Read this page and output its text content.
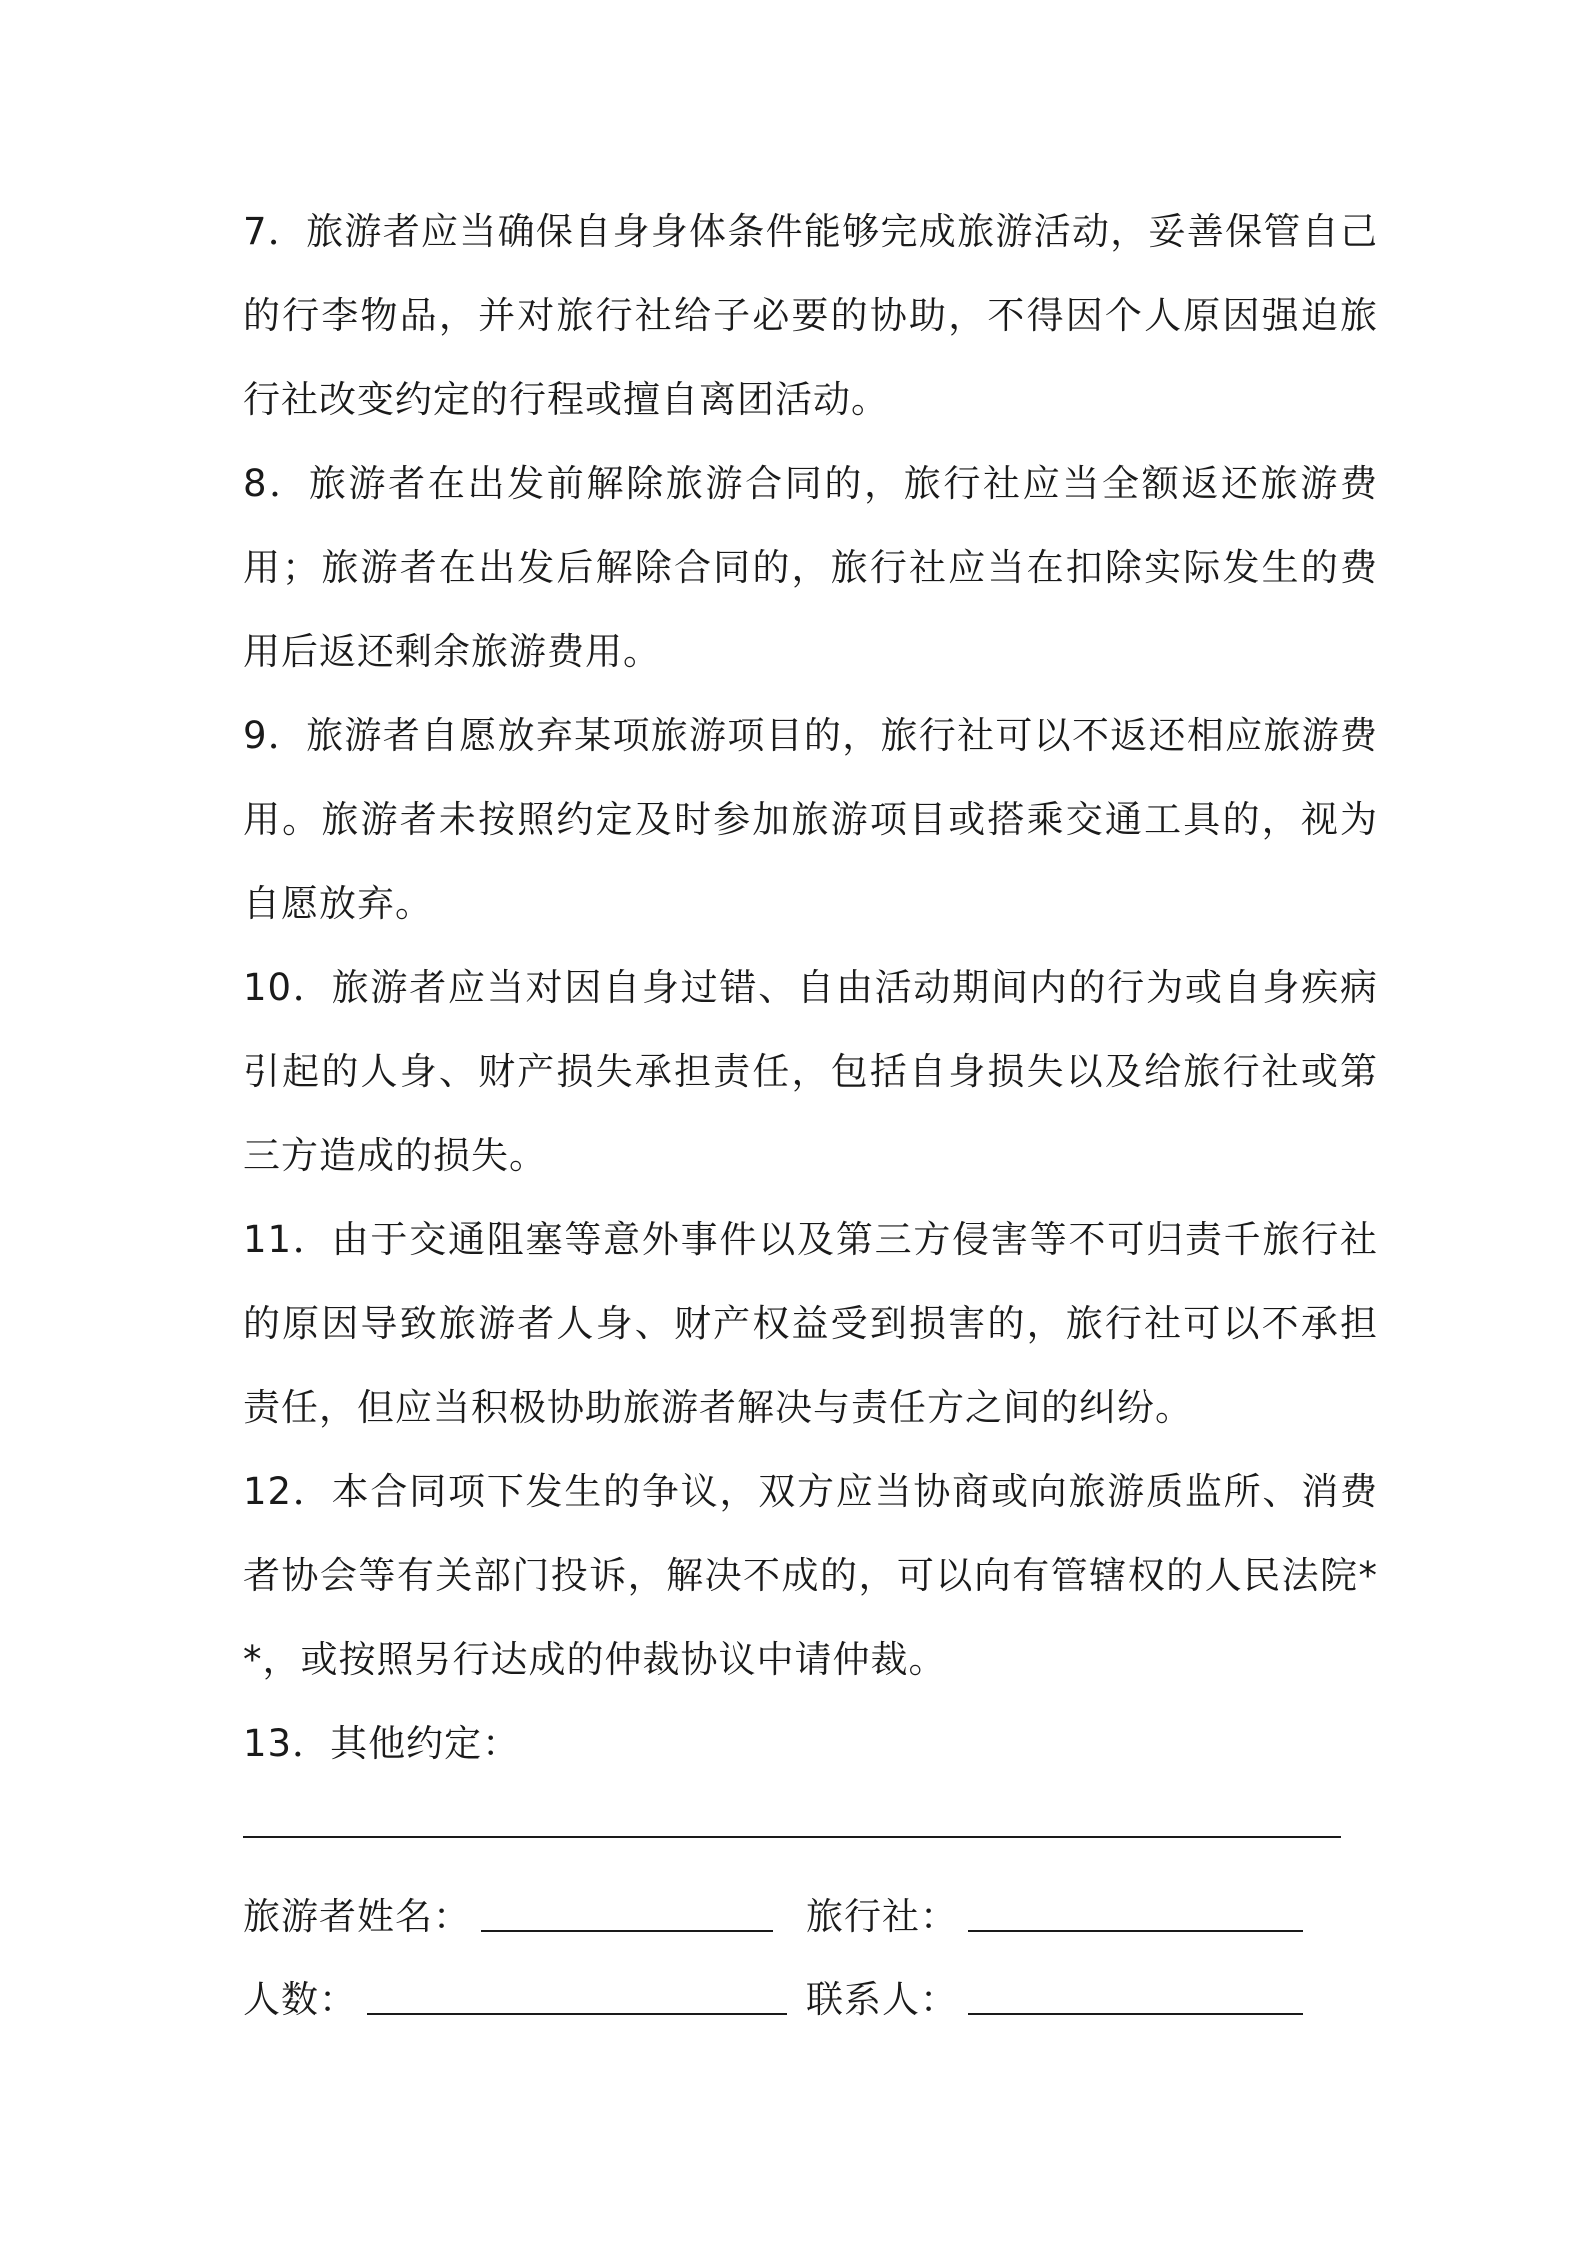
7．旅游者应当确保自身身体条件能够完成旅游活动，妥善保管自己的行李物品，并对旅行社给子必要的协助，不得因个人原因强迫旅行社改变约定的行程或擅自离团活动。

8．旅游者在出发前解除旅游合同的，旅行社应当全额返还旅游费用；旅游者在出发后解除合同的，旅行社应当在扣除实际发生的费用后返还剩余旅游费用。

9．旅游者自愿放弃某项旅游项目的，旅行社可以不返还相应旅游费用。旅游者未按照约定及时参加旅游项目或搭乘交通工具的，视为自愿放弃。

10．旅游者应当对因自身过错、自由活动期间内的行为或自身疾病引起的人身、财产损失承担责任，包括自身损失以及给旅行社或第三方造成的损失。

11．由于交通阻塞等意外事件以及第三方侵害等不可归责千旅行社的原因导致旅游者人身、财产权益受到损害的，旅行社可以不承担责任，但应当积极协助旅游者解决与责任方之间的纠纷。

12．本合同项下发生的争议，双方应当协商或向旅游质监所、消费者协会等有关部门投诉，解决不成的，可以向有管辖权的人民法院**，或按照另行达成的仲裁协议中请仲裁。

13．其他约定：

旅游者姓名：	旅行社：
人数：	联系人：
